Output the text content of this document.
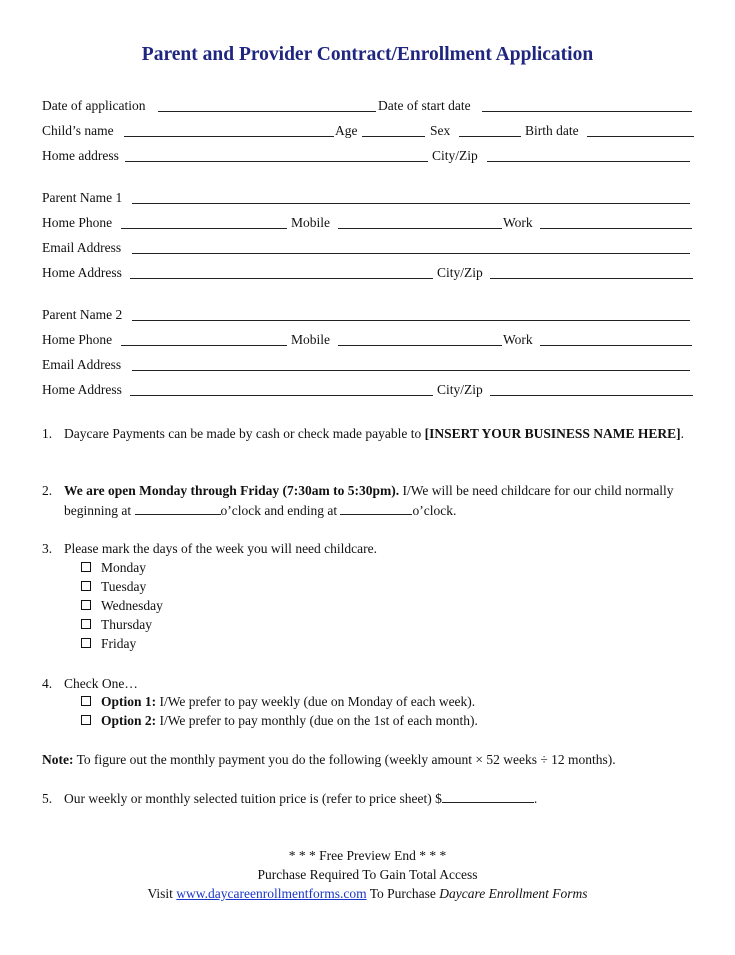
Parent and Provider Contract/Enrollment Application
Date of application	Date of start date
Child’s name	Age	Sex	Birth date
Home address	City/Zip
Parent Name 1
Home Phone	Mobile	Work
Email Address
Home Address	City/Zip
Parent Name 2
Home Phone	Mobile	Work
Email Address
Home Address	City/Zip
1. Daycare Payments can be made by cash or check made payable to [INSERT YOUR BUSINESS NAME HERE].
2. We are open Monday through Friday (7:30am to 5:30pm). I/We will be need childcare for our child normally beginning at	o’clock and ending at	o’clock.
3. Please mark the days of the week you will need childcare.
Monday
Tuesday
Wednesday
Thursday
Friday
4. Check One…
Option 1: I/We prefer to pay weekly (due on Monday of each week).
Option 2: I/We prefer to pay monthly (due on the 1st of each month).
Note: To figure out the monthly payment you do the following (weekly amount × 52 weeks ÷ 12 months).
5. Our weekly or monthly selected tuition price is (refer to price sheet) $	.
* * * Free Preview End * * *
Purchase Required To Gain Total Access
Visit www.daycareenrollmentforms.com To Purchase Daycare Enrollment Forms
